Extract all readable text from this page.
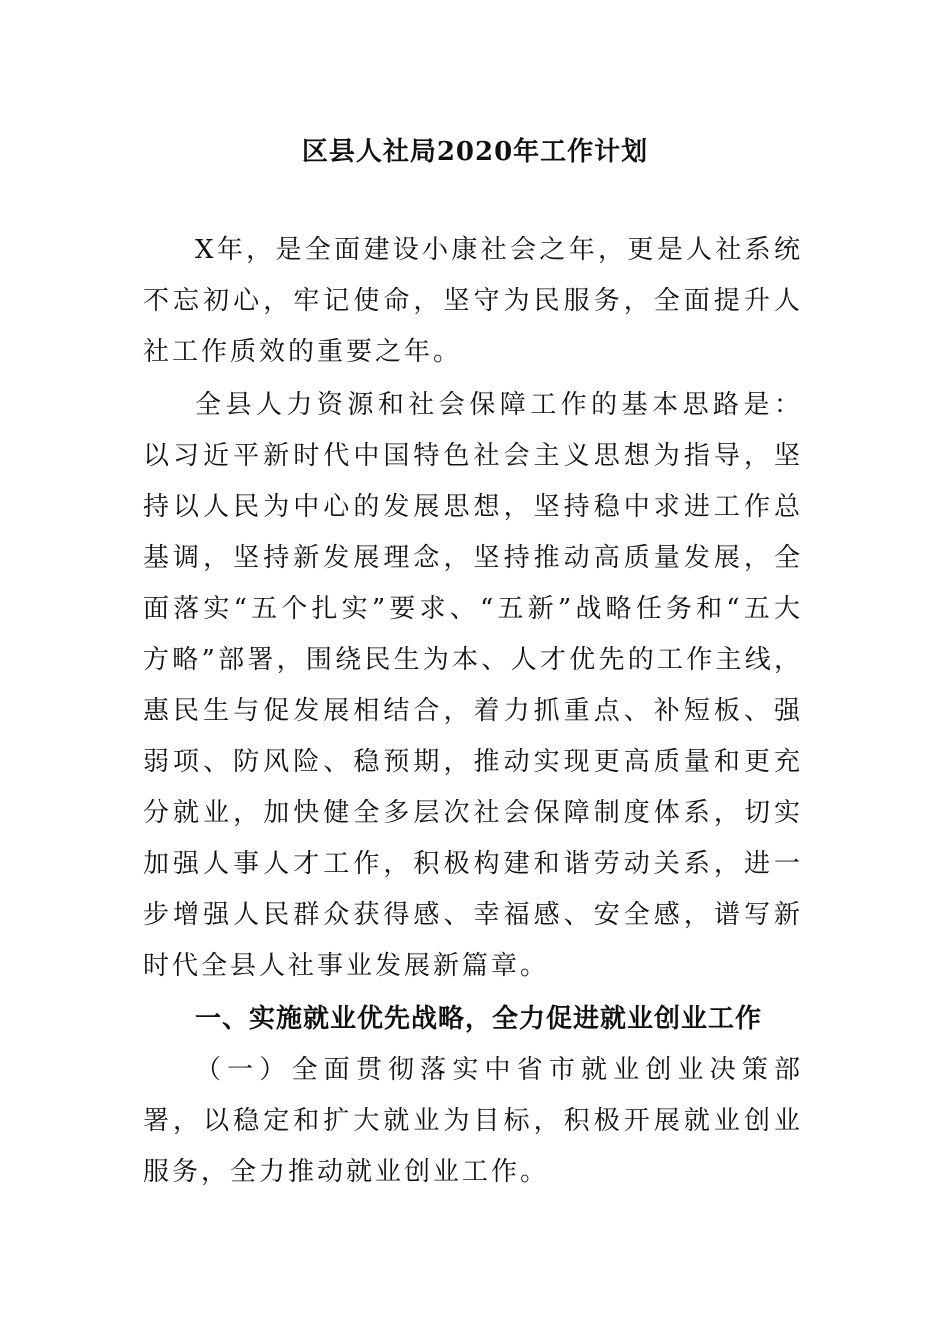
区县人社局2020年工作计划

X年，是全面建设小康社会之年，更是人社系统不忘初心，牢记使命，坚守为民服务，全面提升人社工作质效的重要之年。

全县人力资源和社会保障工作的基本思路是：以习近平新时代中国特色社会主义思想为指导，坚持以人民为中心的发展思想，坚持稳中求进工作总基调，坚持新发展理念，坚持推动高质量发展，全面落实“五个扎实”要求、“五新”战略任务和“五大方略”部署，围绕民生为本、人才优先的工作主线，惠民生与促发展相结合，着力抓重点、补短板、强弱项、防风险、稳预期，推动实现更高质量和更充分就业，加快健全多层次社会保障制度体系，切实加强人事人才工作，积极构建和谐劳动关系，进一步增强人民群众获得感、幸福感、安全感，谱写新时代全县人社事业发展新篇章。

一、实施就业优先战略，全力促进就业创业工作

（一）全面贯彻落实中省市就业创业决策部署，以稳定和扩大就业为目标，积极开展就业创业服务，全力推动就业创业工作。
